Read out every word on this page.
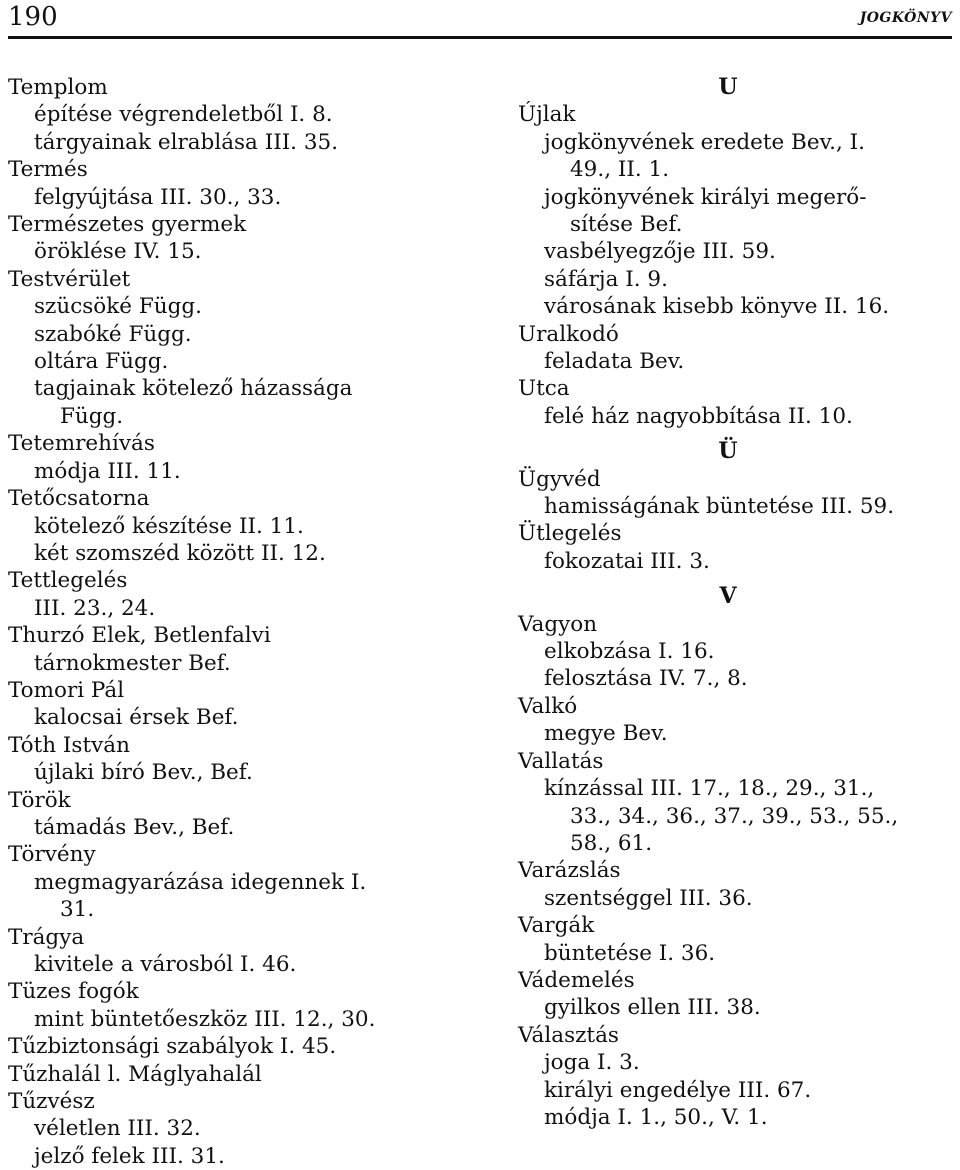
190	JOGKÖNYV
Templom
építése végrendeletből I. 8.
tárgyainak elrablása III. 35.
Termés
felgyújtása III. 30., 33.
Természetes gyermek
öröklése IV. 15.
Testvérület
szücsöké Függ.
szabóké Függ.
oltára Függ.
tagjainak kötelező házassága
Függ.
Tetemrehívás
módja III. 11.
Tetőcsatorna
kötelező készítése II. 11.
két szomszéd között II. 12.
Tettlegelés
III. 23., 24.
Thurzó Elek, Betlenfalvi
tárnokmester Bef.
Tomori Pál
kalocsai érsek Bef.
Tóth István
újlaki bíró Bev., Bef.
Török
támadás Bev., Bef.
Törvény
megmagyarázása idegennek I.
31.
Trágya
kivitele a városból I. 46.
Tüzes fogók
mint büntetőeszköz III. 12., 30.
Tűzbiztonsági szabályok I. 45.
Tűzhalál l. Máglyahalál
Tűzvész
véletlen III. 32.
jelző felek III. 31.
U
Újlak
jogkönyvének eredete Bev., I.
49., II. 1.
jogkönyvének királyi megerő-
sítése Bef.
vasbélyegzője III. 59.
sáfárja I. 9.
városának kisebb könyve II. 16.
Uralkodó
feladata Bev.
Utca
felé ház nagyobbítása II. 10.
Ü
Ügyvéd
hamisságának büntetése III. 59.
Ütlegelés
fokozatai III. 3.
V
Vagyon
elkobzása I. 16.
felosztása IV. 7., 8.
Valkó
megye Bev.
Vallatás
kínzással III. 17., 18., 29., 31.,
33., 34., 36., 37., 39., 53., 55.,
58., 61.
Varázslás
szentséggel III. 36.
Vargák
büntetése I. 36.
Vádemelés
gyilkos ellen III. 38.
Választás
joga I. 3.
királyi engedélye III. 67.
módja I. 1., 50., V. 1.
